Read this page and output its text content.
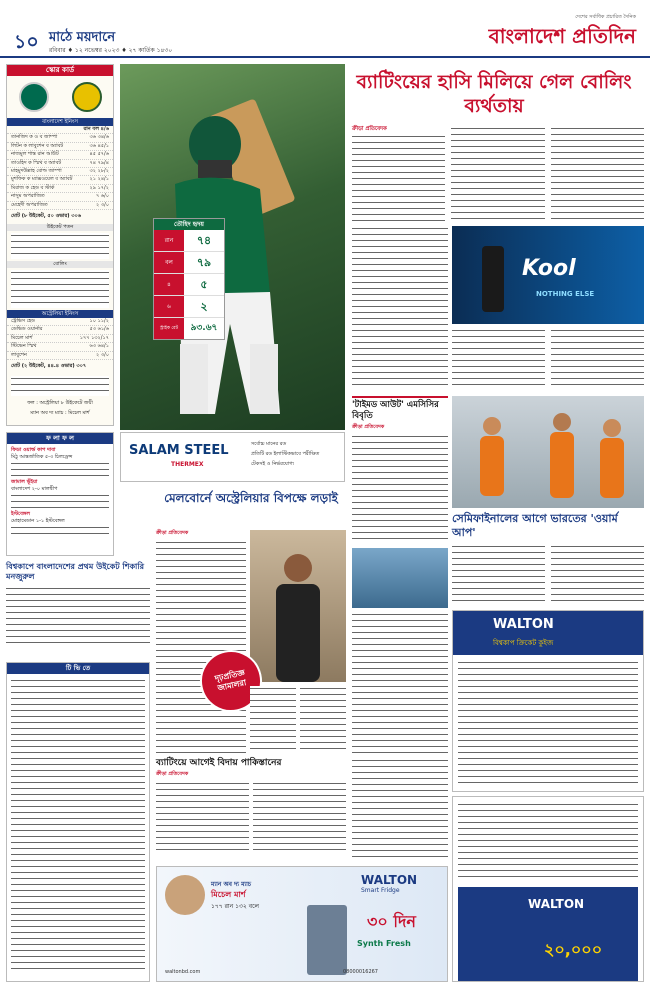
১০ মাঠে ময়দানে
রবিবার ♦ ১২ নভেম্বর ২০২৩ ♦ ২৭ কার্তিক ১৪৩০
দেশের সর্বাধিক প্রচারিত দৈনিক
বাংলাদেশ প্রতিদিন
স্কোর কার্ড
বাংলাদেশ ইনিংস
রান বল ৪/৬
তানজিদ ক ও ব জাম্পা	৩৬ ৩৪/৬
লিটন ক লাবুশেন ব অ্যাবট	৩৬ ৪৫/১
নাজমুল শান্ত রান আউট	৪৫ ৫৭/৬
তাওহিদ ক স্মিথ ব অ্যাবট	৭৪ ৭৯/৪
মাহমুদউল্লাহ বোল্ড জাম্পা	৩২ ২৮/২
মুশফিক ক ম্যাক্সওয়েল ব অ্যাবট	২১ ২৪/১
মিরাজ ক হেড ব স্টার্ক	২৯ ১৭/২
নাসুম অপরাজিত	৭ ৬/০
মেহেদী অপরাজিত	২ ৩/০
মোট (৮ উইকেট, ৫০ ওভার) ৩০৬
উইকেট পতন
বোলিং
অস্ট্রেলিয়া ইনিংস
ট্রেভিস হেড	১০ ১১/২
ডেভিড ওয়ার্নার	৫৩ ৬১/৬
মিচেল মার্শ	১৭৭ ১৩২/১৭
স্টিভেন স্মিথ	৬৩ ৬৪/১
লাবুশেন	২ ৩/০
মোট (২ উইকেট, ৪৪.৪ ওভার) ৩০৭
ফল : অস্ট্রেলিয়া ৮ উইকেটে জয়ী
ম্যান অব দ্য ম্যাচ : মিচেল মার্শ
ফ লা ফ ল
ফিডা ওয়ার্ল্ড কাপ দাবা
মিঠু আন্তর্জাতিক ৫-৩ চিলড্রেন্স
জামাল ভূঁইয়া
বাংলাদেশ ২-০ মালদ্বীপ
ইস্টবেঙ্গল
মোহামেডান ১-১ ইস্টবেঙ্গল
বিশ্বকাপে বাংলাদেশের প্রথম উইকেট শিকারি মনজুরুল
টি ভি তে
ব্যাটিংয়ের হাসি মিলিয়ে গেল বোলিং ব্যর্থতায়
তৌহিদ হৃদয়
রান	৭৪
বল	৭৯
৪	৫
৬	২
স্ট্রাইক রেট	৯৩.৬৭
ক্রীড়া প্রতিবেদক
Kool
NOTHING ELSE
SALAM STEEL
THERMEX
সর্বোচ্চ মানের রড
প্রতিটি রড ইলাস্টিকভাবে পরীক্ষিত
টেকসই ও নির্ভরযোগ্য
'টাইমড আউট' এমসিসির বিবৃতি
ক্রীড়া প্রতিবেদক
সেমিফাইনালের আগে ভারতের 'ওয়ার্ম আপ'
মেলবোর্নে অস্ট্রেলিয়ার বিপক্ষে লড়াই
ক্রীড়া প্রতিবেদক
দৃঢ়প্রতিজ্ঞ জামালরা
WALTON
বিশ্বকাপ ক্রিকেট কুইজ
ব্যাটিংয়ে আগেই বিদায় পাকিস্তানের
ক্রীড়া প্রতিবেদক
ম্যান অব দ্য ম্যাচ
মিচেল মার্শ
১৭৭ রান ১৩২ বলে
WALTON
Smart Fridge
৩০ দিন
Synth Fresh
waltonbd.com	08000016267
WALTON
২০,০০০
